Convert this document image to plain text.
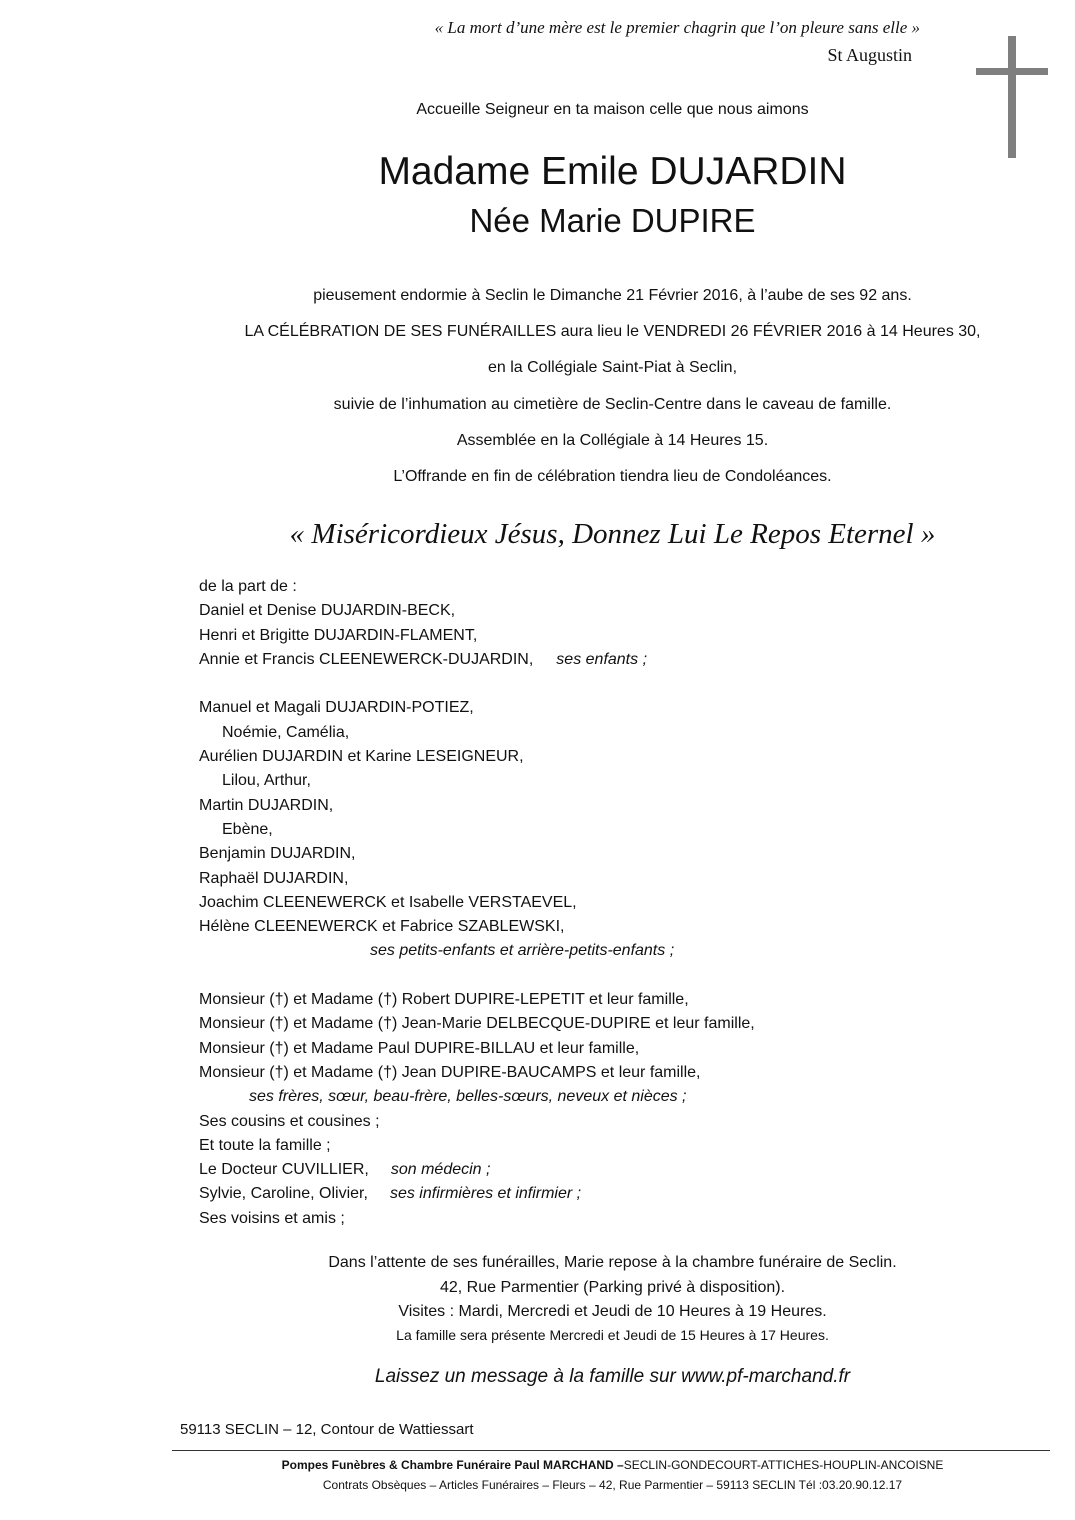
« La mort d’une mère est le premier chagrin que l’on pleure sans elle »
St Augustin
Accueille Seigneur en ta maison celle que nous aimons
Madame Emile DUJARDIN
Née Marie DUPIRE
pieusement endormie à Seclin le Dimanche 21 Février 2016, à l’aube de ses 92 ans.
LA CÉLÉBRATION DE SES FUNÉRAILLES aura lieu le VENDREDI 26 FÉVRIER 2016 à 14 Heures 30,
en la Collégiale Saint-Piat à Seclin,
suivie de l’inhumation au cimetière de Seclin-Centre dans le caveau de famille.
Assemblée en la Collégiale à 14 Heures 15.
L’Offrande en fin de célébration tiendra lieu de Condoléances.
« Miséricordieux Jésus, Donnez Lui Le Repos Eternel »
de la part de :
Daniel et Denise DUJARDIN-BECK,
Henri et Brigitte DUJARDIN-FLAMENT,
Annie et Francis CLEENEWERCK-DUJARDIN, ses enfants ;
Manuel et Magali DUJARDIN-POTIEZ,
Noémie, Camélia,
Aurélien DUJARDIN et Karine LESEIGNEUR,
Lilou, Arthur,
Martin DUJARDIN,
Ebène,
Benjamin DUJARDIN,
Raphaël DUJARDIN,
Joachim CLEENEWERCK et Isabelle VERSTAEVEL,
Hélène CLEENEWERCK et Fabrice SZABLEWSKI,
ses petits-enfants et arrière-petits-enfants ;
Monsieur (†) et Madame (†) Robert DUPIRE-LEPETIT et leur famille,
Monsieur (†) et Madame (†) Jean-Marie DELBECQUE-DUPIRE et leur famille,
Monsieur (†) et Madame Paul DUPIRE-BILLAU et leur famille,
Monsieur (†) et Madame (†) Jean DUPIRE-BAUCAMPS et leur famille,
ses frères, sœur, beau-frère, belles-sœurs, neveux et nièces ;
Ses cousins et cousines ;
Et toute la famille ;
Le Docteur CUVILLIER, son médecin ;
Sylvie, Caroline, Olivier, ses infirmières et infirmier ;
Ses voisins et amis ;
Dans l’attente de ses funérailles, Marie repose à la chambre funéraire de Seclin.
42, Rue Parmentier (Parking privé à disposition).
Visites : Mardi, Mercredi et Jeudi de 10 Heures à 19 Heures.
La famille sera présente Mercredi et Jeudi de 15 Heures à 17 Heures.
Laissez un message à la famille sur www.pf-marchand.fr
59113 SECLIN – 12, Contour de Wattiessart
Pompes Funèbres & Chambre Funéraire Paul MARCHAND –SECLIN-GONDECOURT-ATTICHES-HOUPLIN-ANCOISNE
Contrats Obsèques – Articles Funéraires – Fleurs – 42, Rue Parmentier – 59113 SECLIN Tél :03.20.90.12.17
